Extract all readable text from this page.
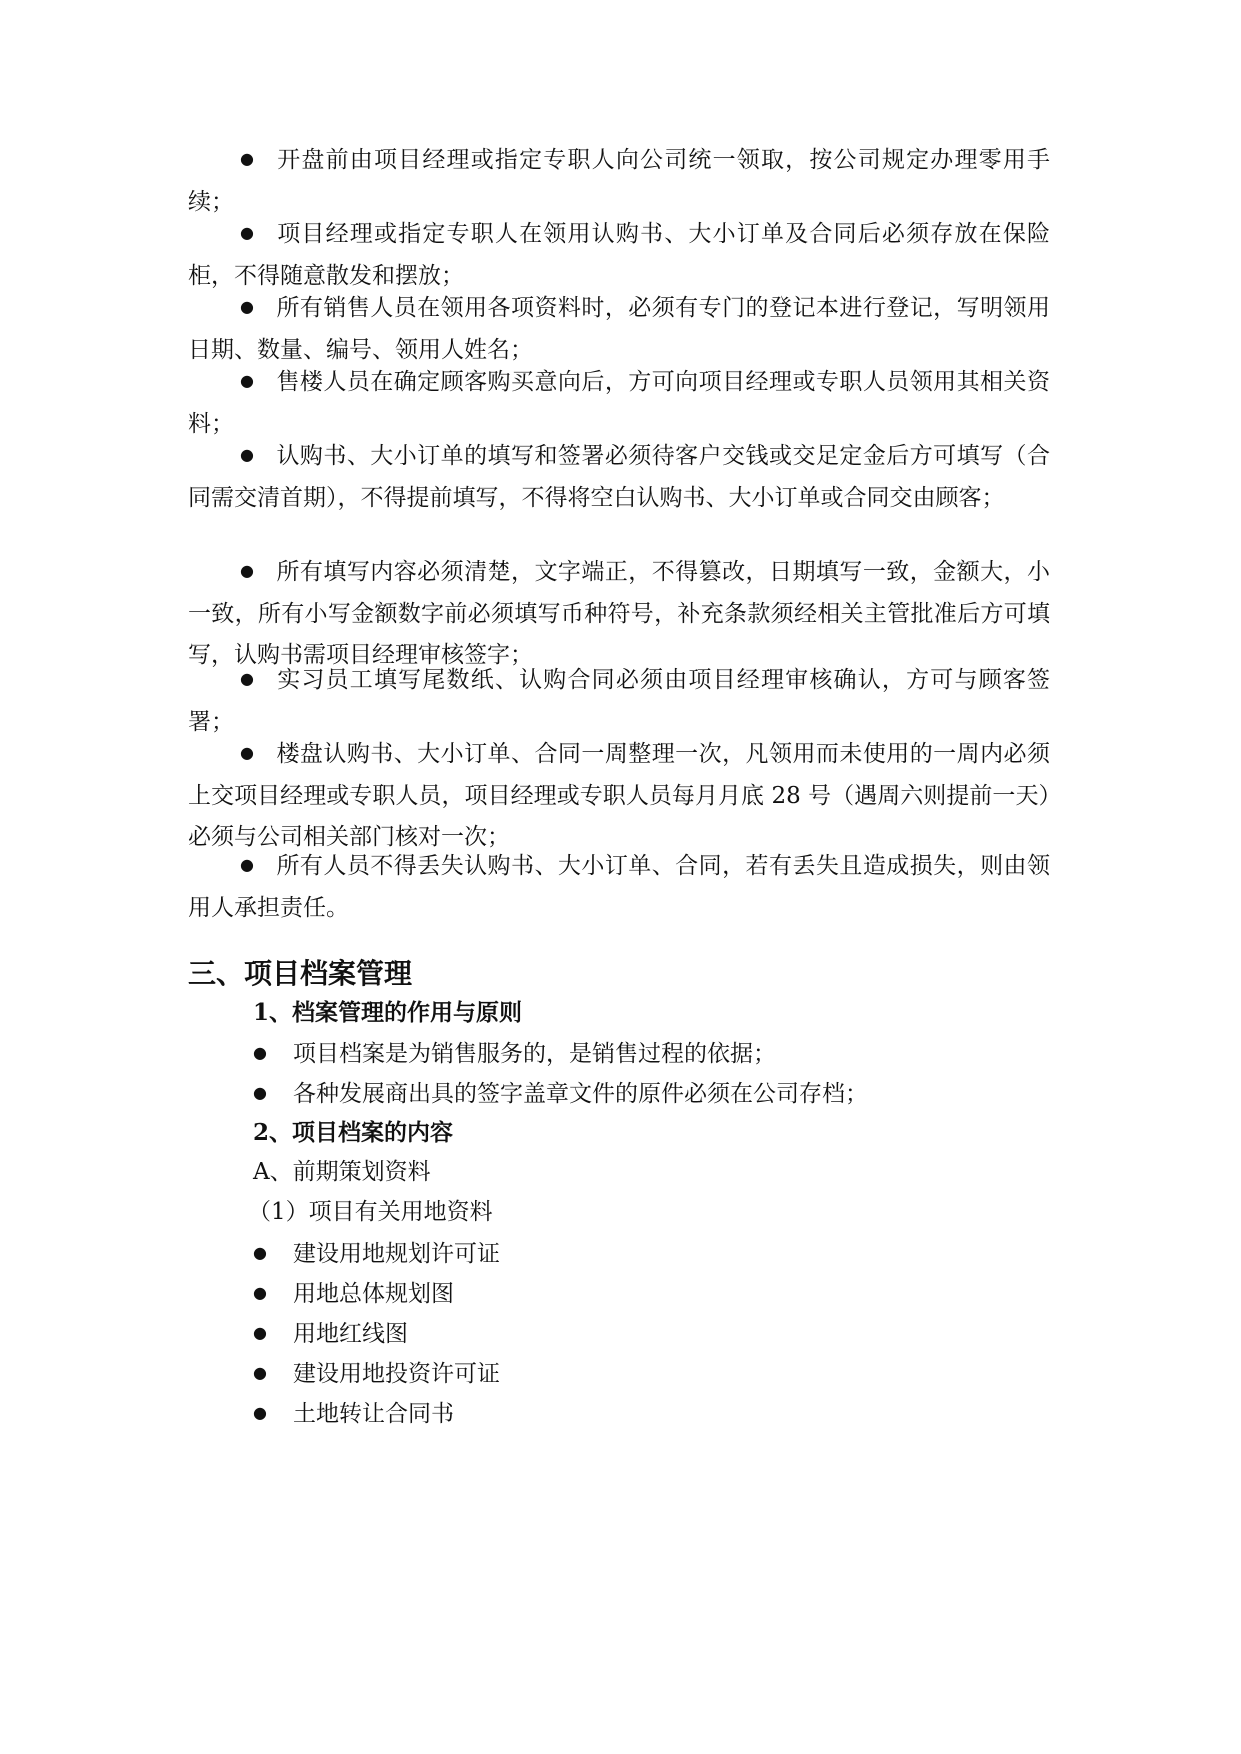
● 开盘前由项目经理或指定专职人向公司统一领取，按公司规定办理零用手续；

● 项目经理或指定专职人在领用认购书、大小订单及合同后必须存放在保险柜，不得随意散发和摆放；

● 所有销售人员在领用各项资料时，必须有专门的登记本进行登记，写明领用日期、数量、编号、领用人姓名；

● 售楼人员在确定顾客购买意向后，方可向项目经理或专职人员领用其相关资料；

● 认购书、大小订单的填写和签署必须待客户交钱或交足定金后方可填写（合同需交清首期），不得提前填写，不得将空白认购书、大小订单或合同交由顾客；

● 所有填写内容必须清楚，文字端正，不得篡改，日期填写一致，金额大，小一致，所有小写金额数字前必须填写币种符号，补充条款须经相关主管批准后方可填写，认购书需项目经理审核签字；

● 实习员工填写尾数纸、认购合同必须由项目经理审核确认，方可与顾客签署；

● 楼盘认购书、大小订单、合同一周整理一次，凡领用而未使用的一周内必须上交项目经理或专职人员，项目经理或专职人员每月月底 28 号（遇周六则提前一天）必须与公司相关部门核对一次；

● 所有人员不得丢失认购书、大小订单、合同，若有丢失且造成损失，则由领用人承担责任。

三、项目档案管理
1、档案管理的作用与原则

● 项目档案是为销售服务的，是销售过程的依据；

● 各种发展商出具的签字盖章文件的原件必须在公司存档；

2、项目档案的内容

A、前期策划资料

（1）项目有关用地资料

● 建设用地规划许可证

● 用地总体规划图

● 用地红线图

● 建设用地投资许可证

● 土地转让合同书
